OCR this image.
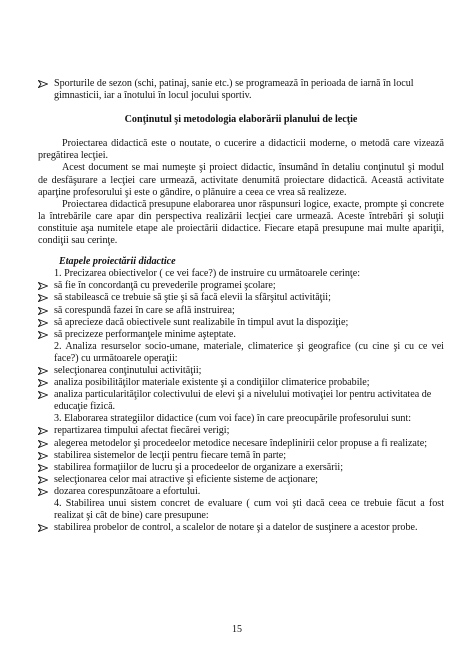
Sporturile de sezon (schi, patinaj, sanie etc.) se programează în perioada de iarnă în locul gimnasticii, iar a înotului în locul jocului sportiv.

Conţinutul şi metodologia elaborării planului de lecţie

Proiectarea didactică este o noutate, o cucerire a didacticii moderne, o metodă care vizează pregătirea lecţiei.

Acest document se mai numeşte şi proiect didactic, însumând în detaliu conţinutul şi modul de desfăşurare a lecţiei care urmează, activitate denumită proiectare didactică. Această activitate aparţine profesorului şi este o gândire, o plănuire a ceea ce vrea să realizeze.

Proiectarea didactică presupune elaborarea unor răspunsuri logice, exacte, prompte şi concrete la întrebările care apar din perspectiva realizării lecţiei care urmează. Aceste întrebări şi soluţii constituie aşa numitele etape ale proiectării didactice. Fiecare etapă presupune mai multe apariţii, condiţii sau cerinţe.

Etapele proiectării didactice

1. Precizarea obiectivelor ( ce vei face?) de instruire cu următoarele cerinţe:

să fie în concordanţă cu prevederile programei şcolare;

să stabilească ce trebuie să ştie şi să facă elevii la sfârşitul activităţii;

să corespundă fazei în care se află instruirea;

să aprecieze dacă obiectivele sunt realizabile în timpul avut la dispoziţie;

să precizeze performanţele minime aşteptate.

2. Analiza resurselor socio-umane, materiale, climaterice şi geografice (cu cine şi cu ce vei face?) cu următoarele operaţii:

selecţionarea conţinutului activităţii;

analiza posibilităţilor materiale existente şi a condiţiilor climaterice probabile;

analiza particularităţilor colectivului de elevi şi a nivelului motivaţiei lor pentru activitatea de educaţie fizică.

3. Elaborarea strategiilor didactice (cum voi face) în care preocupările profesorului sunt:

repartizarea timpului afectat fiecărei verigi;

alegerea metodelor şi procedeelor metodice necesare îndeplinirii celor propuse a fi realizate;

stabilirea sistemelor de lecţii pentru fiecare temă în parte;

stabilirea formaţiilor de lucru şi a procedeelor de organizare a exersării;

selecţionarea celor mai atractive şi eficiente sisteme de acţionare;

dozarea corespunzătoare a efortului.

4. Stabilirea unui sistem concret de evaluare ( cum voi şti dacă ceea ce trebuie făcut a fost realizat şi cât de bine) care presupune:

stabilirea probelor de control, a scalelor de notare şi a datelor de susţinere a acestor probe.

15
